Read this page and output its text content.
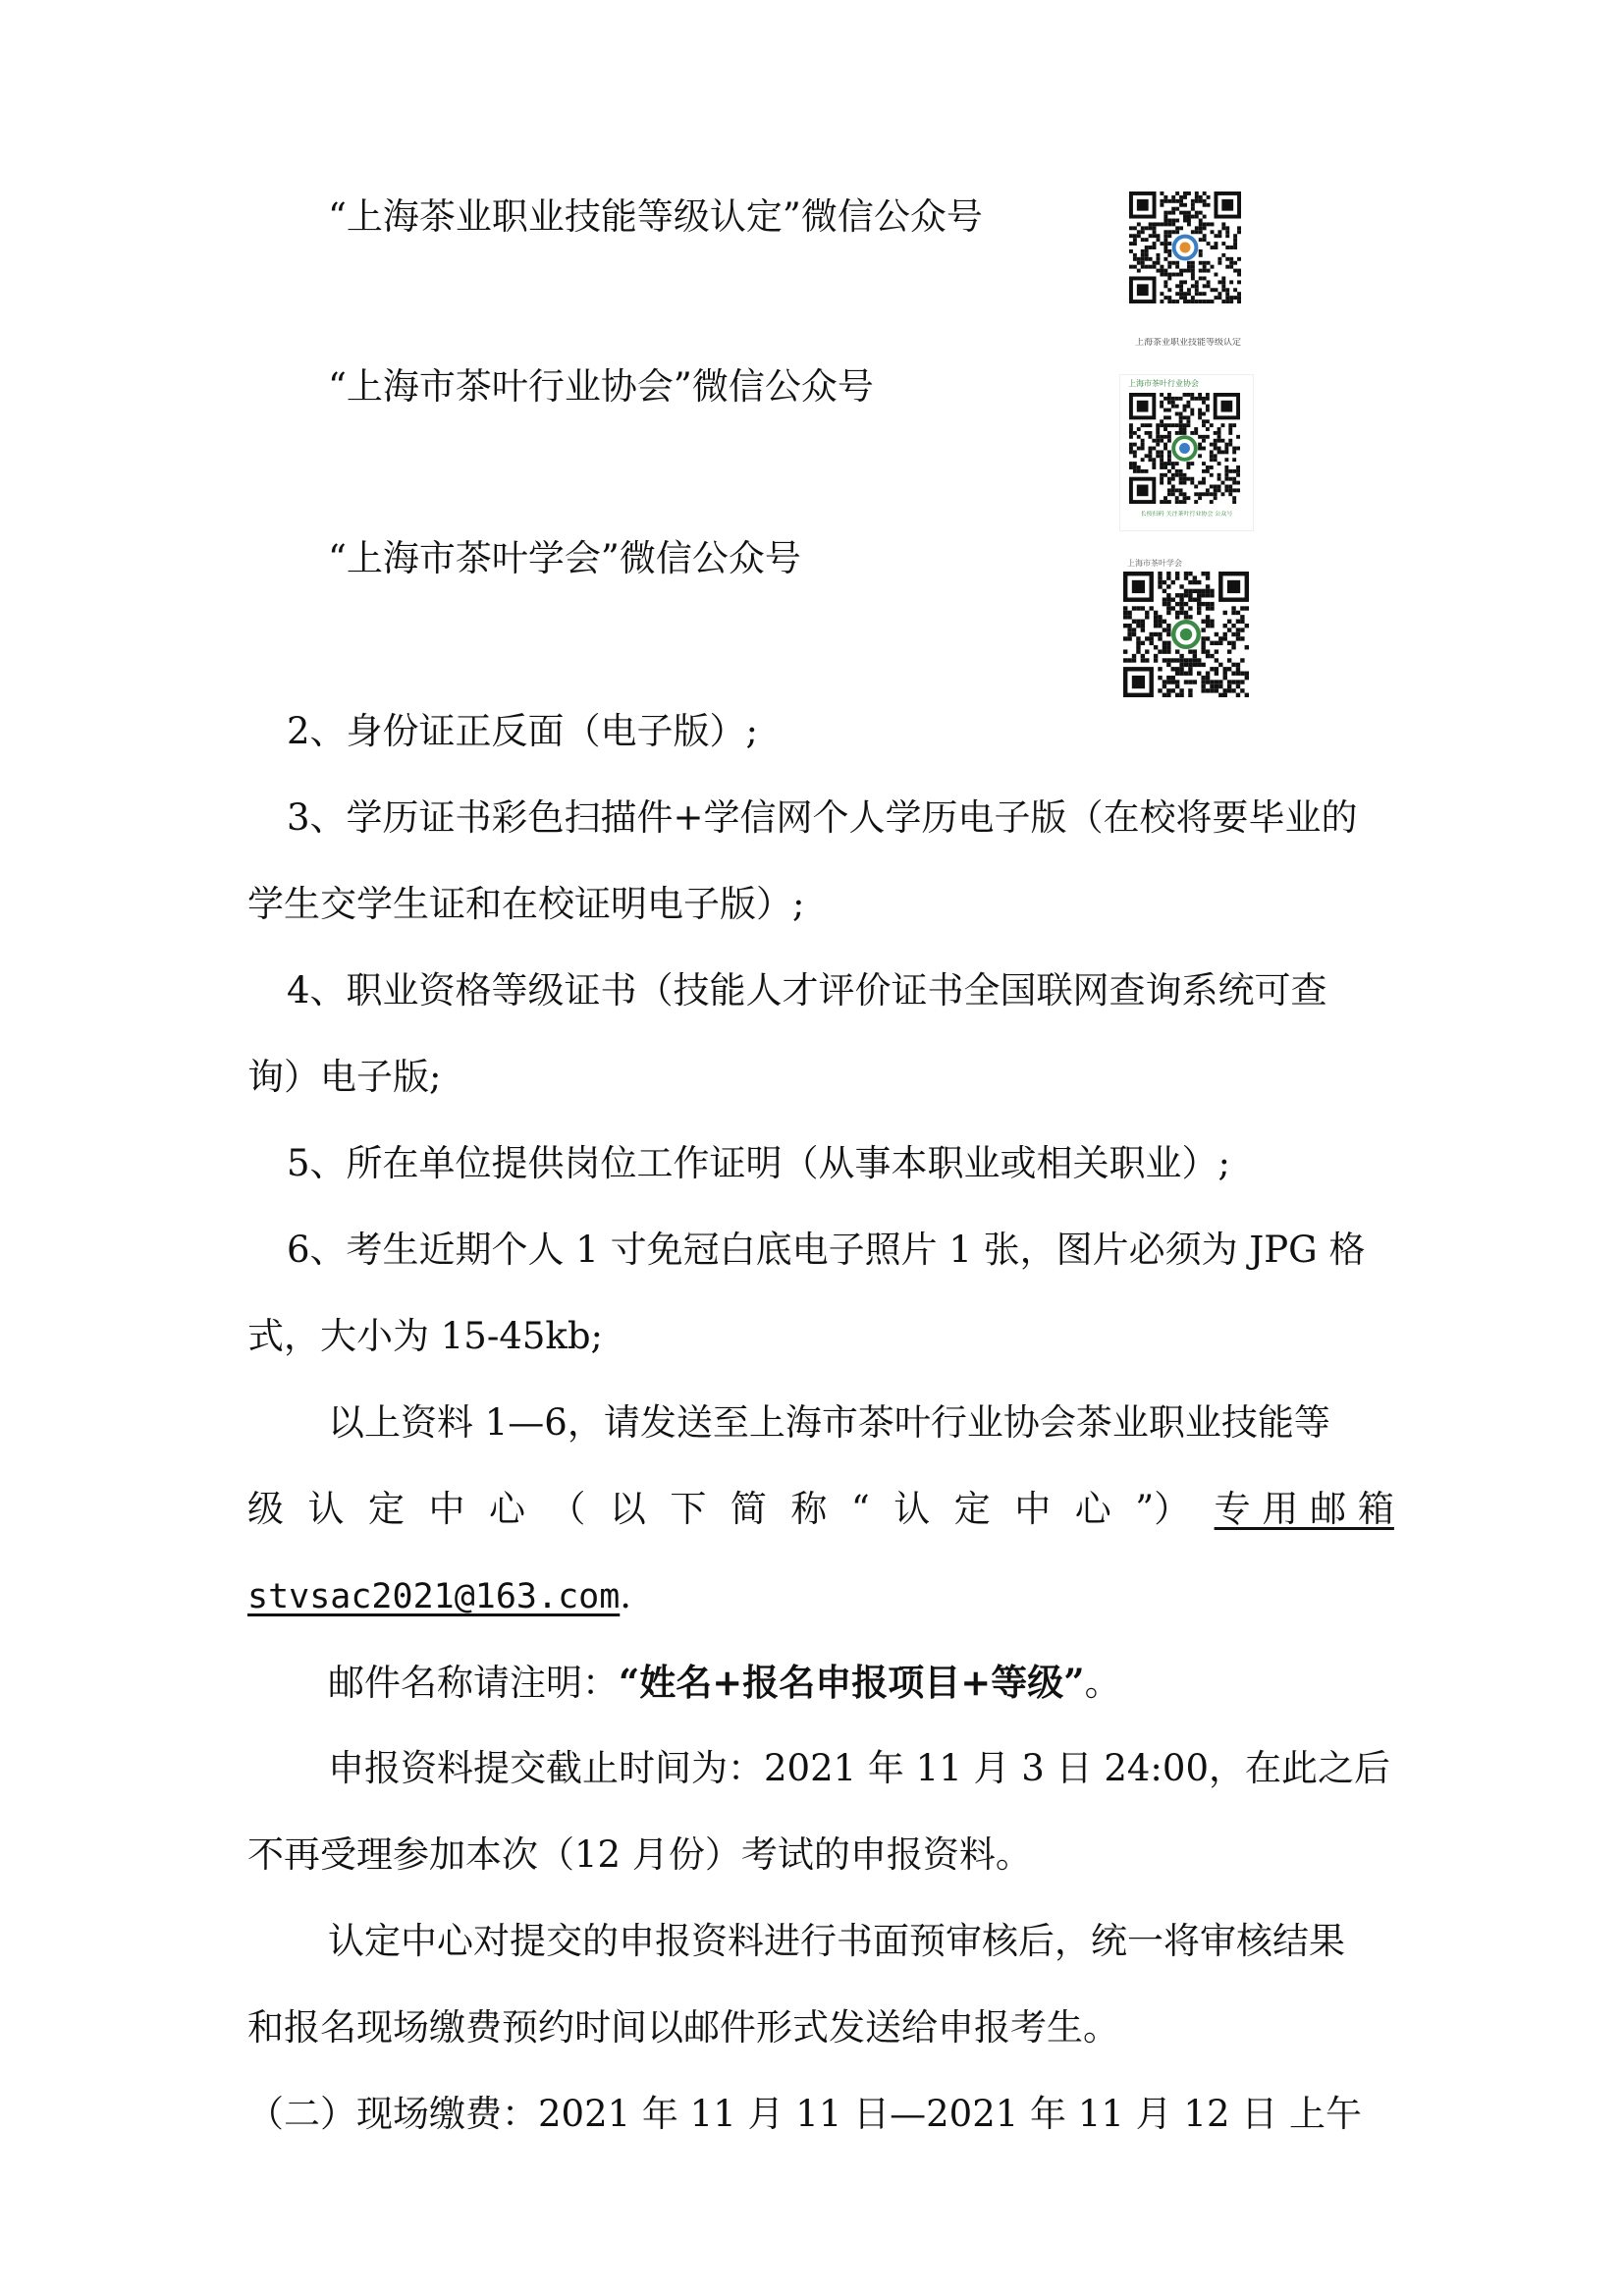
“上海茶业职业技能等级认定”微信公众号
“上海市茶叶行业协会”微信公众号
“上海市茶叶学会”微信公众号
上海茶业职业技能等级认定
上海市茶叶行业协会
长按扫码 关注茶叶行业协会 公众号
上海市茶叶学会
2、身份证正反面（电子版）;
3、学历证书彩色扫描件+学信网个人学历电子版（在校将要毕业的
学生交学生证和在校证明电子版）;
4、职业资格等级证书（技能人才评价证书全国联网查询系统可查
询）电子版;
5、所在单位提供岗位工作证明（从事本职业或相关职业）;
6、考生近期个人 1 寸免冠白底电子照片 1 张，图片必须为 JPG 格
式，大小为 15-45kb;
以上资料 1—6，请发送至上海市茶叶行业协会茶业职业技能等
级 认 定 中 心 （ 以 下 简 称 “ 认 定 中 心 ”） 专 用 邮 箱
stvsac2021@163.com.
邮件名称请注明：“姓名+报名申报项目+等级”。
申报资料提交截止时间为：2021 年 11 月 3 日 24:00，在此之后
不再受理参加本次（12 月份）考试的申报资料。
认定中心对提交的申报资料进行书面预审核后，统一将审核结果
和报名现场缴费预约时间以邮件形式发送给申报考生。
（二）现场缴费：2021 年 11 月 11 日—2021 年 11 月 12 日 上午
